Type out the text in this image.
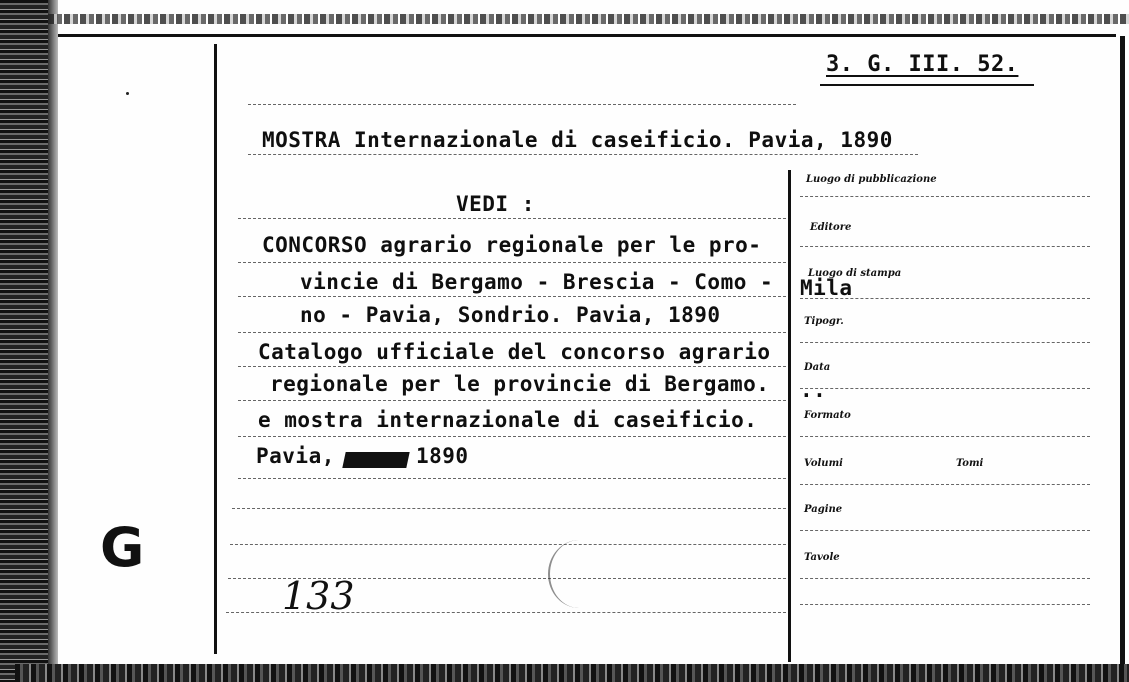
3. G. III. 52.
MOSTRA Internazionale di caseificio. Pavia, 1890
VEDI :
CONCORSO agrario regionale per le pro-
vincie di Bergamo - Brescia - Como -
no - Pavia, Sondrio. Pavia, 1890
Catalogo ufficiale del concorso agrario
regionale per le provincie di Bergamo.
e mostra internazionale di caseificio.
Pavia,	1890
133
G
Luogo di pubblicazione
Editore
Luogo di stampa
Mila
Tipogr.
Data
..
Formato
Volumi	Tomi
Pagine
Tavole
